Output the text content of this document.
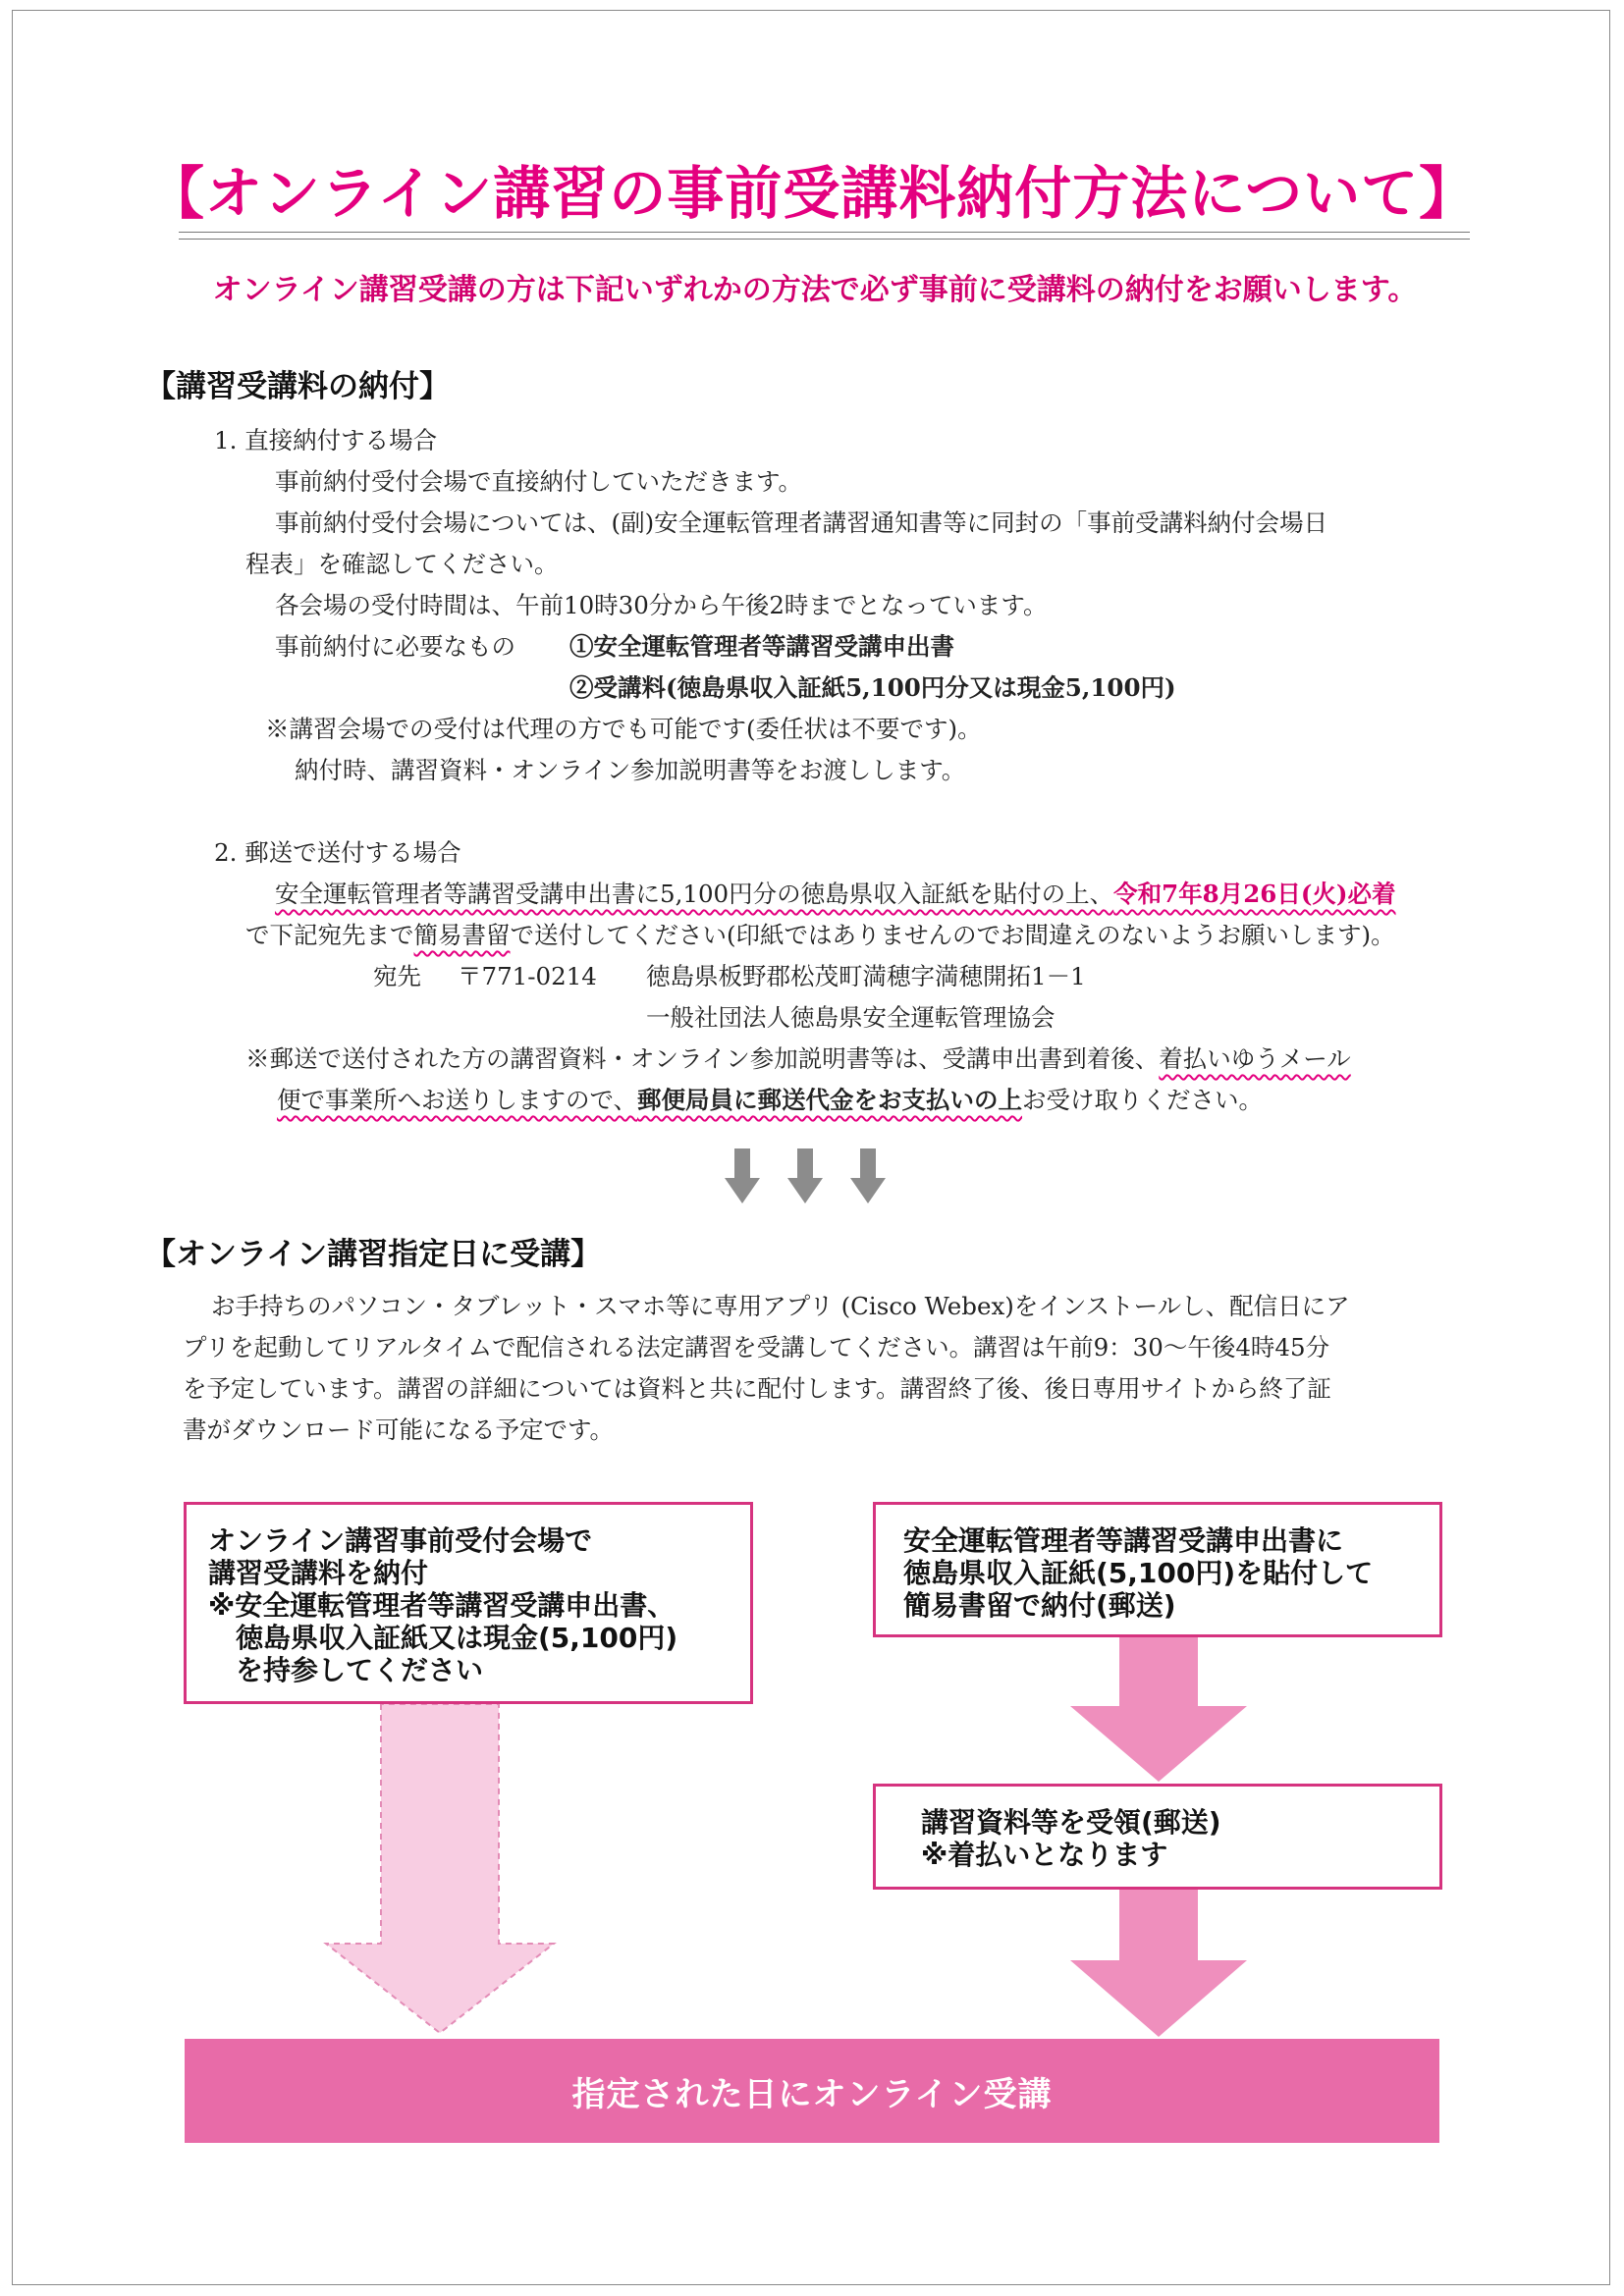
【オンライン講習の事前受講料納付方法について】
オンライン講習受講の方は下記いずれかの方法で必ず事前に受講料の納付をお願いします。
【講習受講料の納付】
1. 直接納付する場合
事前納付受付会場で直接納付していただきます。
事前納付受付会場については、(副)安全運転管理者講習通知書等に同封の「事前受講料納付会場日
程表」を確認してください。
各会場の受付時間は、午前10時30分から午後2時までとなっています。
事前納付に必要なもの ①安全運転管理者等講習受講申出書
②受講料(徳島県収入証紙5,100円分又は現金5,100円)
※講習会場での受付は代理の方でも可能です(委任状は不要です)。
納付時、講習資料・オンライン参加説明書等をお渡しします。
2. 郵送で送付する場合
安全運転管理者等講習受講申出書に5,100円分の徳島県収入証紙を貼付の上、令和7年8月26日(火)必着
で下記宛先まで簡易書留で送付してください(印紙ではありませんのでお間違えのないようお願いします)。
宛先 〒771-0214 徳島県板野郡松茂町満穂字満穂開拓1－1
一般社団法人徳島県安全運転管理協会
※郵送で送付された方の講習資料・オンライン参加説明書等は、受講申出書到着後、着払いゆうメール
便で事業所へお送りしますので、郵便局員に郵送代金をお支払いの上お受け取りください。
【オンライン講習指定日に受講】
お手持ちのパソコン・タブレット・スマホ等に専用アプリ (Cisco Webex)をインストールし、配信日にア
プリを起動してリアルタイムで配信される法定講習を受講してください。講習は午前9：30～午後4時45分
を予定しています。講習の詳細については資料と共に配付します。講習終了後、後日専用サイトから終了証
書がダウンロード可能になる予定です。
オンライン講習事前受付会場で
講習受講料を納付
※安全運転管理者等講習受講申出書、
　徳島県収入証紙又は現金(5,100円)
　を持参してください
安全運転管理者等講習受講申出書に
徳島県収入証紙(5,100円)を貼付して
簡易書留で納付(郵送)
講習資料等を受領(郵送)
※着払いとなります
指定された日にオンライン受講
